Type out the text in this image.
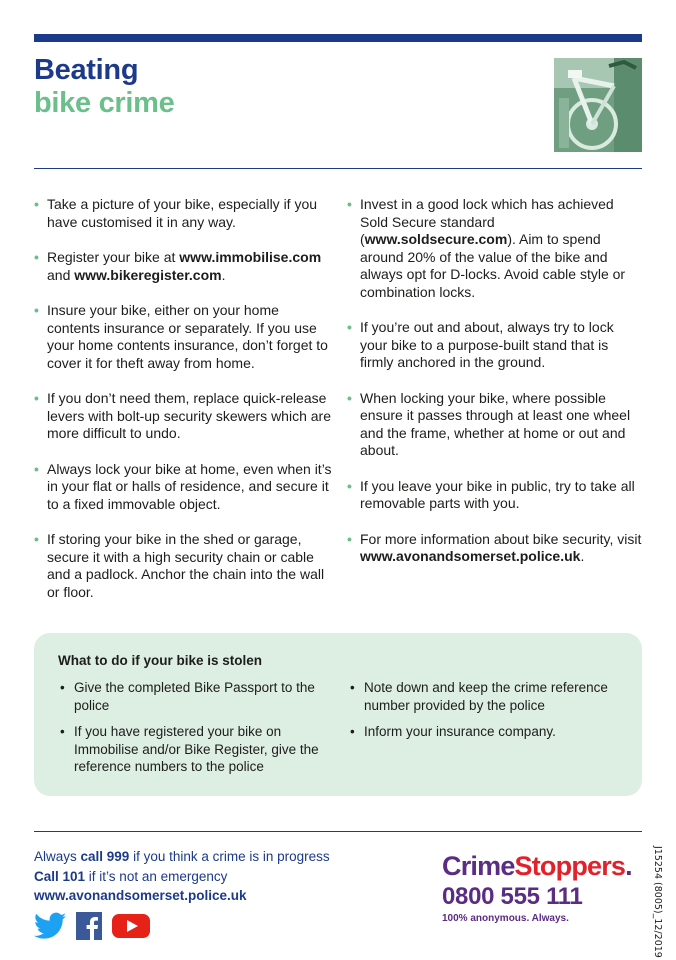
Beating
bike crime
• Take a picture of your bike, especially if you have customised it in any way.
• Register your bike at www.immobilise.com and www.bikeregister.com.
• Insure your bike, either on your home contents insurance or separately. If you use your home contents insurance, don’t forget to cover it for theft away from home.
• If you don’t need them, replace quick-release levers with bolt-up security skewers which are more difficult to undo.
• Always lock your bike at home, even when it’s in your flat or halls of residence, and secure it to a fixed immovable object.
• If storing your bike in the shed or garage, secure it with a high security chain or cable and a padlock. Anchor the chain into the wall or floor.
• Invest in a good lock which has achieved Sold Secure standard (www.soldsecure.com). Aim to spend around 20% of the value of the bike and always opt for D-locks. Avoid cable style or combination locks.
• If you’re out and about, always try to lock your bike to a purpose-built stand that is firmly anchored in the ground.
• When locking your bike, where possible ensure it passes through at least one wheel and the frame, whether at home or out and about.
• If you leave your bike in public, try to take all removable parts with you.
• For more information about bike security, visit www.avonandsomerset.police.uk.
What to do if your bike is stolen
• Give the completed Bike Passport to the police
• If you have registered your bike on Immobilise and/or Bike Register, give the reference numbers to the police
• Note down and keep the crime reference number provided by the police
• Inform your insurance company.
Always call 999 if you think a crime is in progress
Call 101 if it’s not an emergency
www.avonandsomerset.police.uk
CrimeStoppers.
0800 555 111
100% anonymous. Always.	J15254 (8005)_12/2019
